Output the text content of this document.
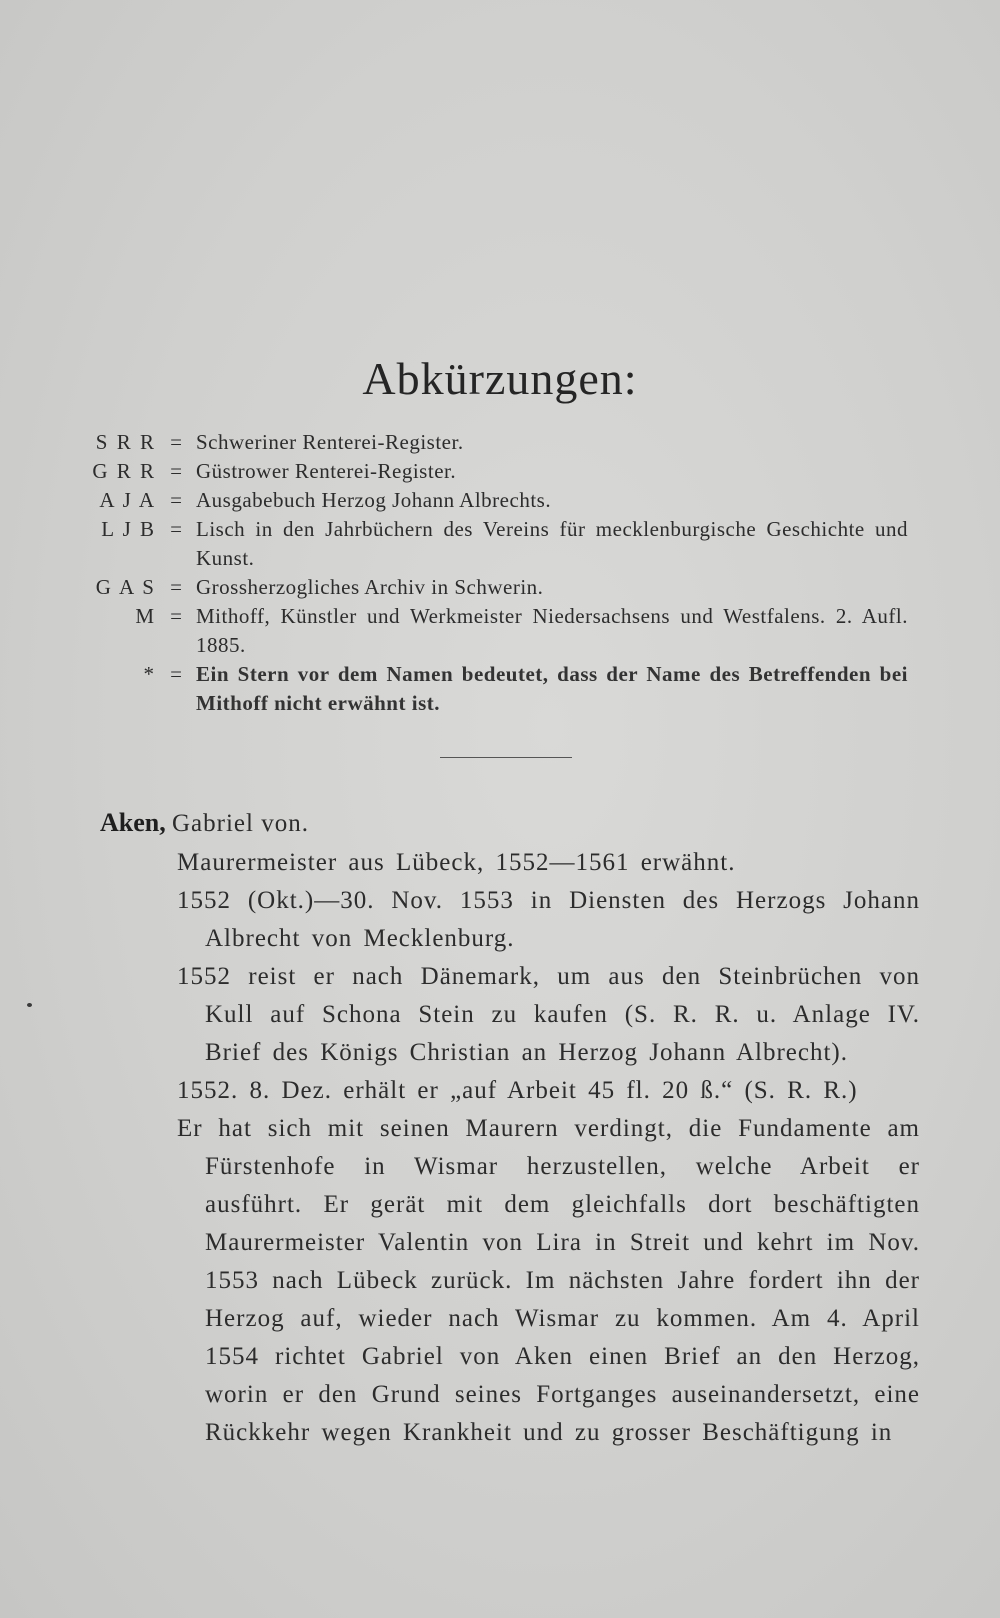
Abkürzungen:
S R R = Schweriner Renterei-Register.
G R R = Güstrower Renterei-Register.
A J A = Ausgabebuch Herzog Johann Albrechts.
L J B = Lisch in den Jahrbüchern des Vereins für mecklenburgische Geschichte und Kunst.
G A S = Grossherzogliches Archiv in Schwerin.
M = Mithoff, Künstler und Werkmeister Niedersachsens und Westfalens. 2. Aufl. 1885.
* = Ein Stern vor dem Namen bedeutet, dass der Name des Betreffenden bei Mithoff nicht erwähnt ist.
Aken, Gabriel von.
Maurermeister aus Lübeck, 1552—1561 erwähnt.
1552 (Okt.)—30. Nov. 1553 in Diensten des Herzogs Johann Albrecht von Mecklenburg.
1552 reist er nach Dänemark, um aus den Steinbrüchen von Kull auf Schona Stein zu kaufen (S. R. R. u. Anlage IV. Brief des Königs Christian an Herzog Johann Albrecht).
1552. 8. Dez. erhält er „auf Arbeit 45 fl. 20 ß.“ (S. R. R.)
Er hat sich mit seinen Maurern verdingt, die Fundamente am Fürstenhofe in Wismar herzustellen, welche Arbeit er ausführt. Er gerät mit dem gleichfalls dort beschäftigten Maurermeister Valentin von Lira in Streit und kehrt im Nov. 1553 nach Lübeck zurück. Im nächsten Jahre fordert ihn der Herzog auf, wieder nach Wismar zu kommen. Am 4. April 1554 richtet Gabriel von Aken einen Brief an den Herzog, worin er den Grund seines Fortganges auseinandersetzt, eine Rückkehr wegen Krankheit und zu grosser Beschäftigung in
